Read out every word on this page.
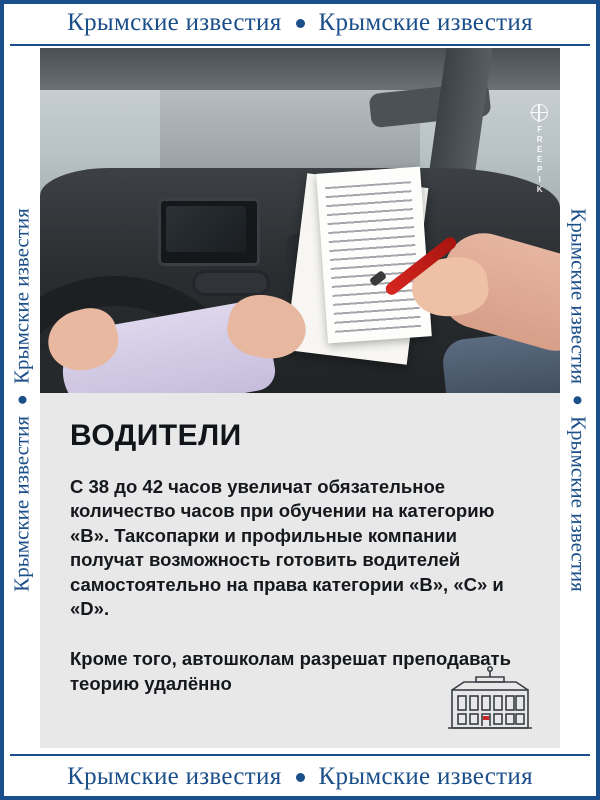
Крымские известия Крымские известия
Крымские известия Крымские известия
Крымские известия
Крымские известия	Крымские известия
Крымские известия
FREEPIK
ВОДИТЕЛИ

С 38 до 42 часов увеличат обязательное количество часов при обучении на категорию «B». Таксопарки и профильные компании получат возможность готовить водителей самостоятельно на права категории «B», «C» и «D».

Кроме того, автошколам разрешат преподавать теорию удалённо
